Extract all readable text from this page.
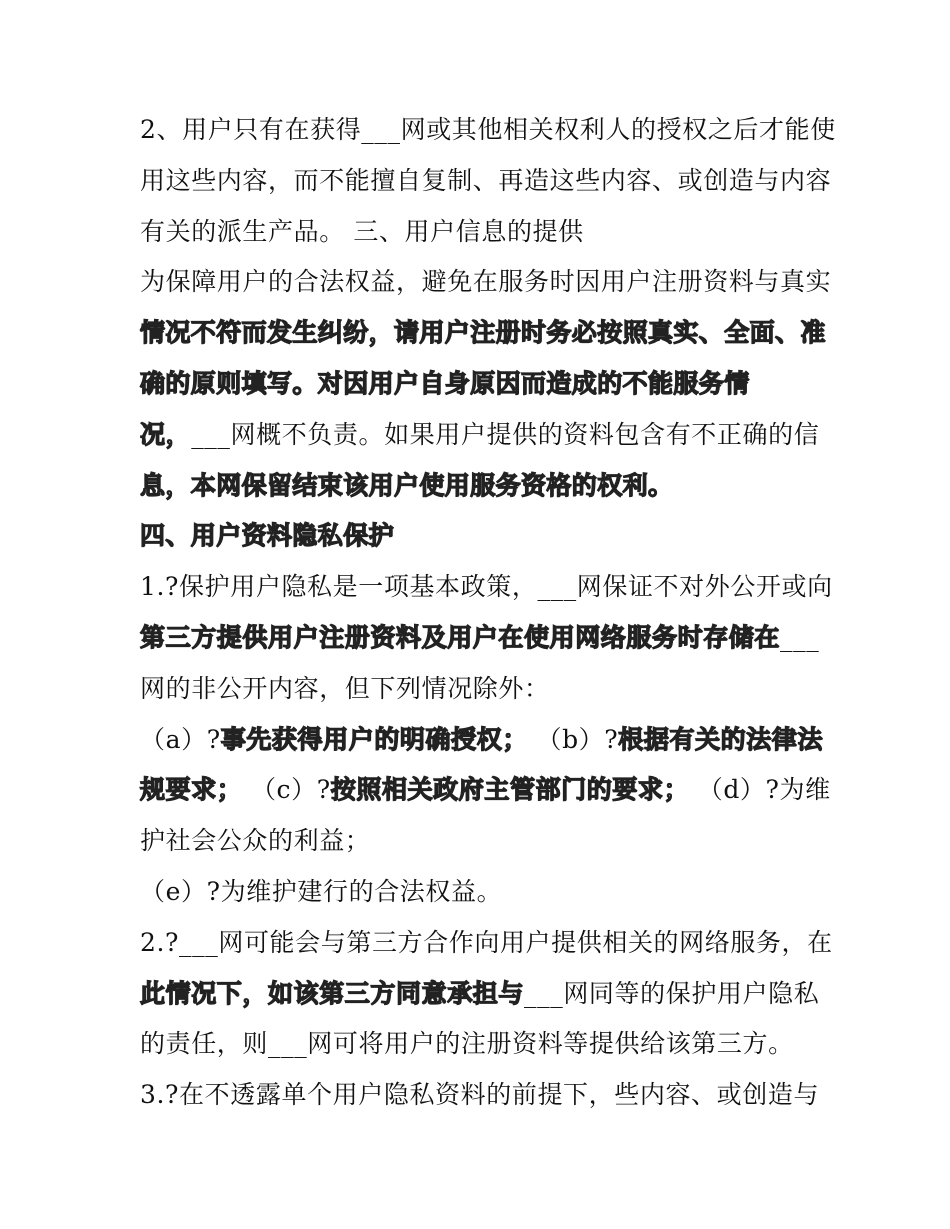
2、用户只有在获得___网或其他相关权利人的授权之后才能使
用这些内容，而不能擅自复制、再造这些内容、或创造与内容
有关的派生产品。 三、用户信息的提供
为保障用户的合法权益，避免在服务时因用户注册资料与真实
情况不符而发生纠纷，请用户注册时务必按照真实、全面、准
确的原则填写。对因用户自身原因而造成的不能服务情
况，___网概不负责。如果用户提供的资料包含有不正确的信
息，本网保留结束该用户使用服务资格的权利。
四、用户资料隐私保护
1.?保护用户隐私是一项基本政策，___网保证不对外公开或向
第三方提供用户注册资料及用户在使用网络服务时存储在___
网的非公开内容，但下列情况除外：
（a）?事先获得用户的明确授权； （b）?根据有关的法律法
规要求； （c）?按照相关政府主管部门的要求； （d）?为维
护社会公众的利益；
（e）?为维护建行的合法权益。
2.?___网可能会与第三方合作向用户提供相关的网络服务，在
此情况下，如该第三方同意承担与___网同等的保护用户隐私
的责任，则___网可将用户的注册资料等提供给该第三方。
3.?在不透露单个用户隐私资料的前提下，些内容、或创造与
